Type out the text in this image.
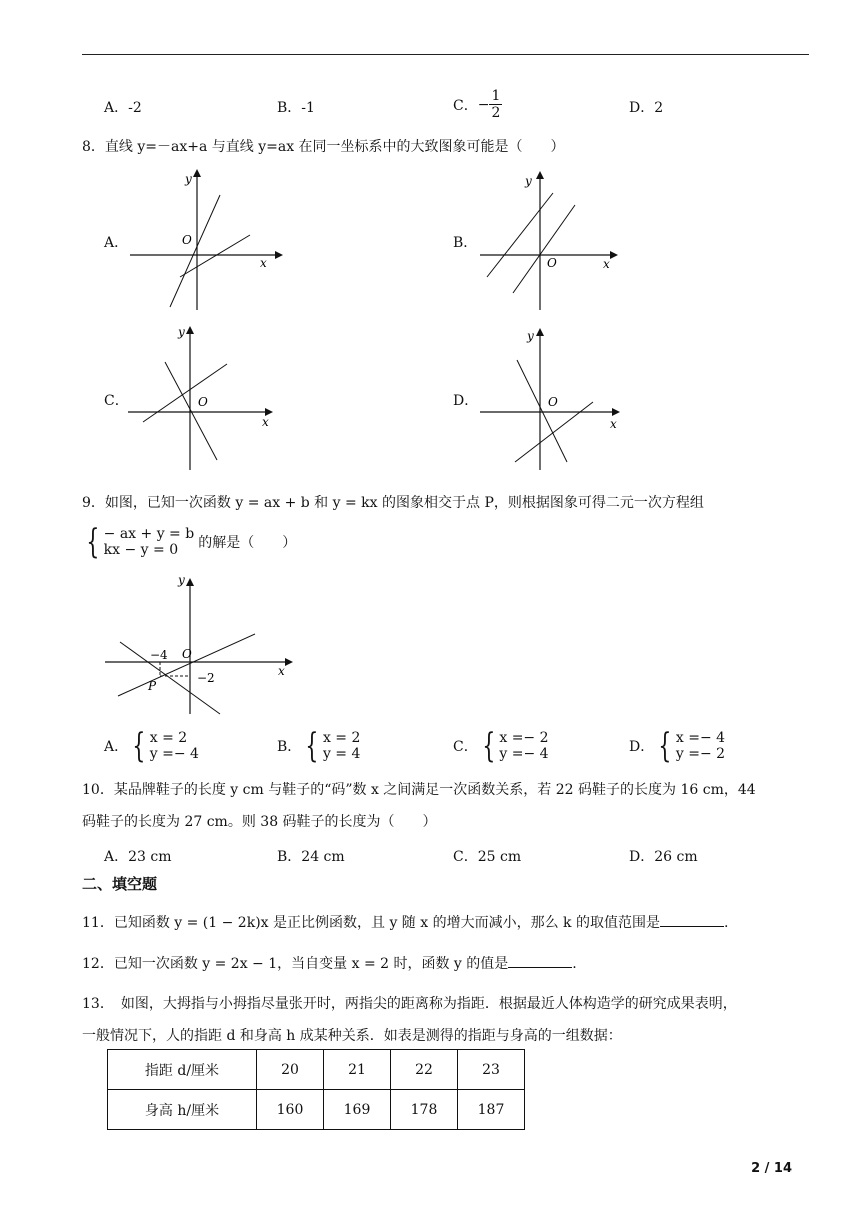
A．-2	B．-1	C． − $\frac{1}{2}$	D．2
8．直线 y=－ax+a 与直线 y=ax 在同一坐标系中的大致图象可能是（　　）
A．
y
x
O	B．
y
x
O
C．
y
x
O	D．
y
x
O
9．如图，已知一次函数 y = ax + b 和 y = kx 的图象相交于点 P，则根据图象可得二元一次方程组
{ − ax + y = b
kx − y = 0	的解是（　　）
y
x
O
−4
−2
P
A． { x = 2
y =− 4	B． { x = 2
y = 4	C． { x =− 2
y =− 4	D． { x =− 4
y =− 2
10．某品牌鞋子的长度 y cm 与鞋子的“码”数 x 之间满足一次函数关系，若 22 码鞋子的长度为 16 cm，44
码鞋子的长度为 27 cm。则 38 码鞋子的长度为（　　）
A．23 cm	B．24 cm	C．25 cm	D．26 cm
二、填空题
11．已知函数 y = (1 − 2k)x 是正比例函数，且 y 随 x 的增大而减小，那么 k 的取值范围是	.
12．已知一次函数 y = 2x − 1，当自变量 x = 2 时，函数 y 的值是	.
13．　如图，大拇指与小拇指尽量张开时，两指尖的距离称为指距．根据最近人体构造学的研究成果表明，
一般情况下，人的指距 d 和身高 h 成某种关系．如表是测得的指距与身高的一组数据：
指距 d/厘米	20	21	22	23
身高 h/厘米	160	169	178	187
2 / 14
